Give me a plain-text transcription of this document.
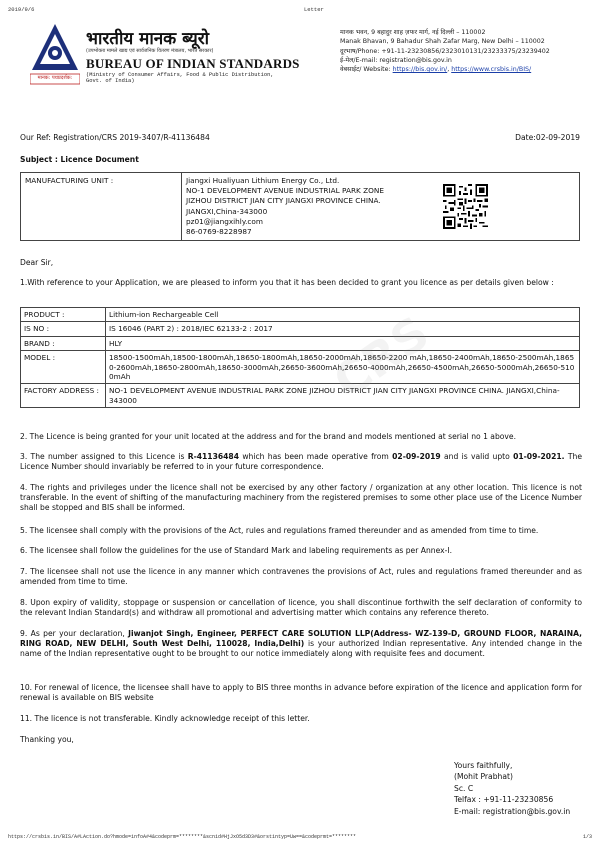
2019/9/6	Letter
मानक: पथप्रदर्शक:
भारतीय मानक ब्यूरो
(उपभोक्ता मामले खाद्य एवं सार्वजनिक वितरण मंत्रालय, भारत सरकार)
BUREAU OF INDIAN STANDARDS
(Ministry of Consumer Affairs, Food & Public Distribution,
Govt. of India)
मानक भवन, 9 बहादुर शाह ज़फर मार्ग, नई दिल्ली – 110002
Manak Bhavan, 9 Bahadur Shah Zafar Marg, New Delhi – 110002
दूरभाष/Phone: +91-11-23230856/2323010131/23233375/23239402
ई-मेल/E-mail: registration@bis.gov.in
वेबसाईट/ Website: https://bis.gov.in/, https://www.crsbis.in/BIS/
Our Ref: Registration/CRS 2019-3407/R-41136484	Date:02-09-2019
Subject : Licence Document
MANUFACTURING UNIT :	Jiangxi Hualiyuan Lithium Energy Co., Ltd.
NO-1 DEVELOPMENT AVENUE INDUSTRIAL PARK ZONE
JIZHOU DISTRICT JIAN CITY JIANGXI PROVINCE CHINA.
JIANGXI,China-343000
pz01@jiangxihly.com
86-0769-8228987
Dear Sir,
1.With reference to your Application, we are pleased to inform you that it has been decided to grant you licence as per details given below :
PRODUCT :	Lithium-ion Rechargeable Cell
IS NO :	IS 16046 (PART 2) : 2018/IEC 62133-2 : 2017
BRAND :	HLY
MODEL :	18500-1500mAh,18500-1800mAh,18650-1800mAh,18650-2000mAh,18650-2200 mAh,18650-2400mAh,18650-2500mAh,18650-2600mAh,18650-2800mAh,18650-3000mAh,26650-3600mAh,26650-4000mAh,26650-4500mAh,26650-5000mAh,26650-5100mAh
FACTORY ADDRESS :	NO-1 DEVELOPMENT AVENUE INDUSTRIAL PARK ZONE JIZHOU DISTRICT JIAN CITY JIANGXI PROVINCE CHINA. JIANGXI,China-343000	CRS
2. The Licence is being granted for your unit located at the address and for the brand and models mentioned at serial no 1 above.
3. The number assigned to this Licence is R-41136484 which has been made operative from 02-09-2019 and is valid upto 01-09-2021. The Licence Number should invariably be referred to in your future correspondence.
4. The rights and privileges under the licence shall not be exercised by any other factory / organization at any other location. This licence is not transferable. In the event of shifting of the manufacturing machinery from the registered premises to some other place use of the Licence Number shall be stopped and BIS shall be informed.
5. The licensee shall comply with the provisions of the Act, rules and regulations framed thereunder and as amended from time to time.
6. The licensee shall follow the guidelines for the use of Standard Mark and labeling requirements as per Annex-I.
7. The licensee shall not use the licence in any manner which contravenes the provisions of Act, rules and regulations framed thereunder and as amended from time to time.
8. Upon expiry of validity, stoppage or suspension or cancellation of licence, you shall discontinue forthwith the self declaration of conformity to the relevant Indian Standard(s) and withdraw all promotional and advertising matter which contains any reference thereto.
9. As per your declaration, Jiwanjot Singh, Engineer, PERFECT CARE SOLUTION LLP(Address- WZ-139-D, GROUND FLOOR, NARAINA, RING ROAD, NEW DELHI, South West Delhi, 110028, India,Delhi) is your authorized Indian representative. Any intended change in the name of the Indian representative ought to be brought to our notice immediately along with requisite fees and document.
10. For renewal of licence, the licensee shall have to apply to BIS three months in advance before expiration of the licence and application form for renewal is available on BIS website
11. The licence is not transferable. Kindly acknowledge receipt of this letter.
Thanking you,
Yours faithfully,
(Mohit Prabhat)
Sc. C
Telfax : +91-11-23230856
E-mail: registration@bis.gov.in
https://crsbis.in/BIS/A#LAction.do?hmode=infoA#4&codeprm=********&scnid#HjJxO5d3D3#&orstintyp=Uw==&codeprmt=********	1/3
